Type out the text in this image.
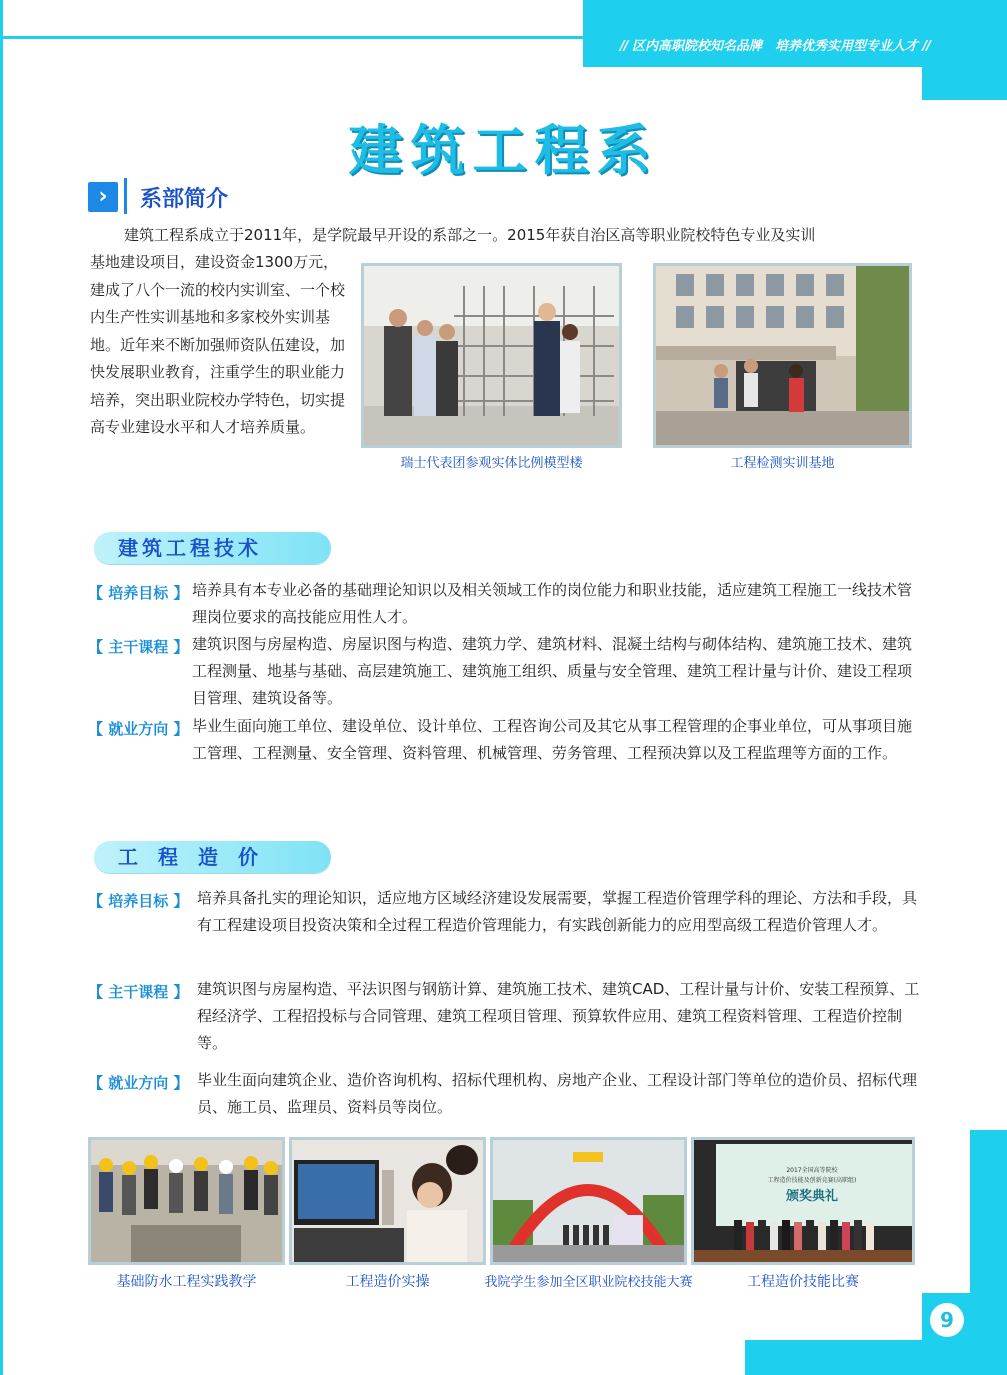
// 区内高职院校知名品牌　培养优秀实用型专业人才 //
建筑工程系
›	系部简介
建筑工程系成立于2011年，是学院最早开设的系部之一。2015年获自治区高等职业院校特色专业及实训
基地建设项目，建设资金1300万元，建成了八个一流的校内实训室、一个校内生产性实训基地和多家校外实训基地。近年来不断加强师资队伍建设，加快发展职业教育，注重学生的职业能力培养，突出职业院校办学特色，切实提高专业建设水平和人才培养质量。
瑞士代表团参观实体比例模型楼	工程检测实训基地
建筑工程技术
【 培养目标 】 培养具有本专业必备的基础理论知识以及相关领域工作的岗位能力和职业技能，适应建筑工程施工一线技术管理岗位要求的高技能应用性人才。
【 主干课程 】 建筑识图与房屋构造、房屋识图与构造、建筑力学、建筑材料、混凝土结构与砌体结构、建筑施工技术、建筑工程测量、地基与基础、高层建筑施工、建筑施工组织、质量与安全管理、建筑工程计量与计价、建设工程项目管理、建筑设备等。
【 就业方向 】 毕业生面向施工单位、建设单位、设计单位、工程咨询公司及其它从事工程管理的企事业单位，可从事项目施工管理、工程测量、安全管理、资料管理、机械管理、劳务管理、工程预决算以及工程监理等方面的工作。
工　程　造　价
【 培养目标 】 培养具备扎实的理论知识，适应地方区域经济建设发展需要，掌握工程造价管理学科的理论、方法和手段，具有工程建设项目投资决策和全过程工程造价管理能力，有实践创新能力的应用型高级工程造价管理人才。
【 主干课程 】 建筑识图与房屋构造、平法识图与钢筋计算、建筑施工技术、建筑CAD、工程计量与计价、安装工程预算、工程经济学、工程招投标与合同管理、建筑工程项目管理、预算软件应用、建筑工程资料管理、工程造价控制等。
【 就业方向 】 毕业生面向建筑企业、造价咨询机构、招标代理机构、房地产企业、工程设计部门等单位的造价员、招标代理员、施工员、监理员、资料员等岗位。
基础防水工程实践教学	工程造价实操	我院学生参加全区职业院校技能大赛
2017全国高等院校
工程造价技能及创新竞赛(高职组)
颁奖典礼
工程造价技能比赛
9
